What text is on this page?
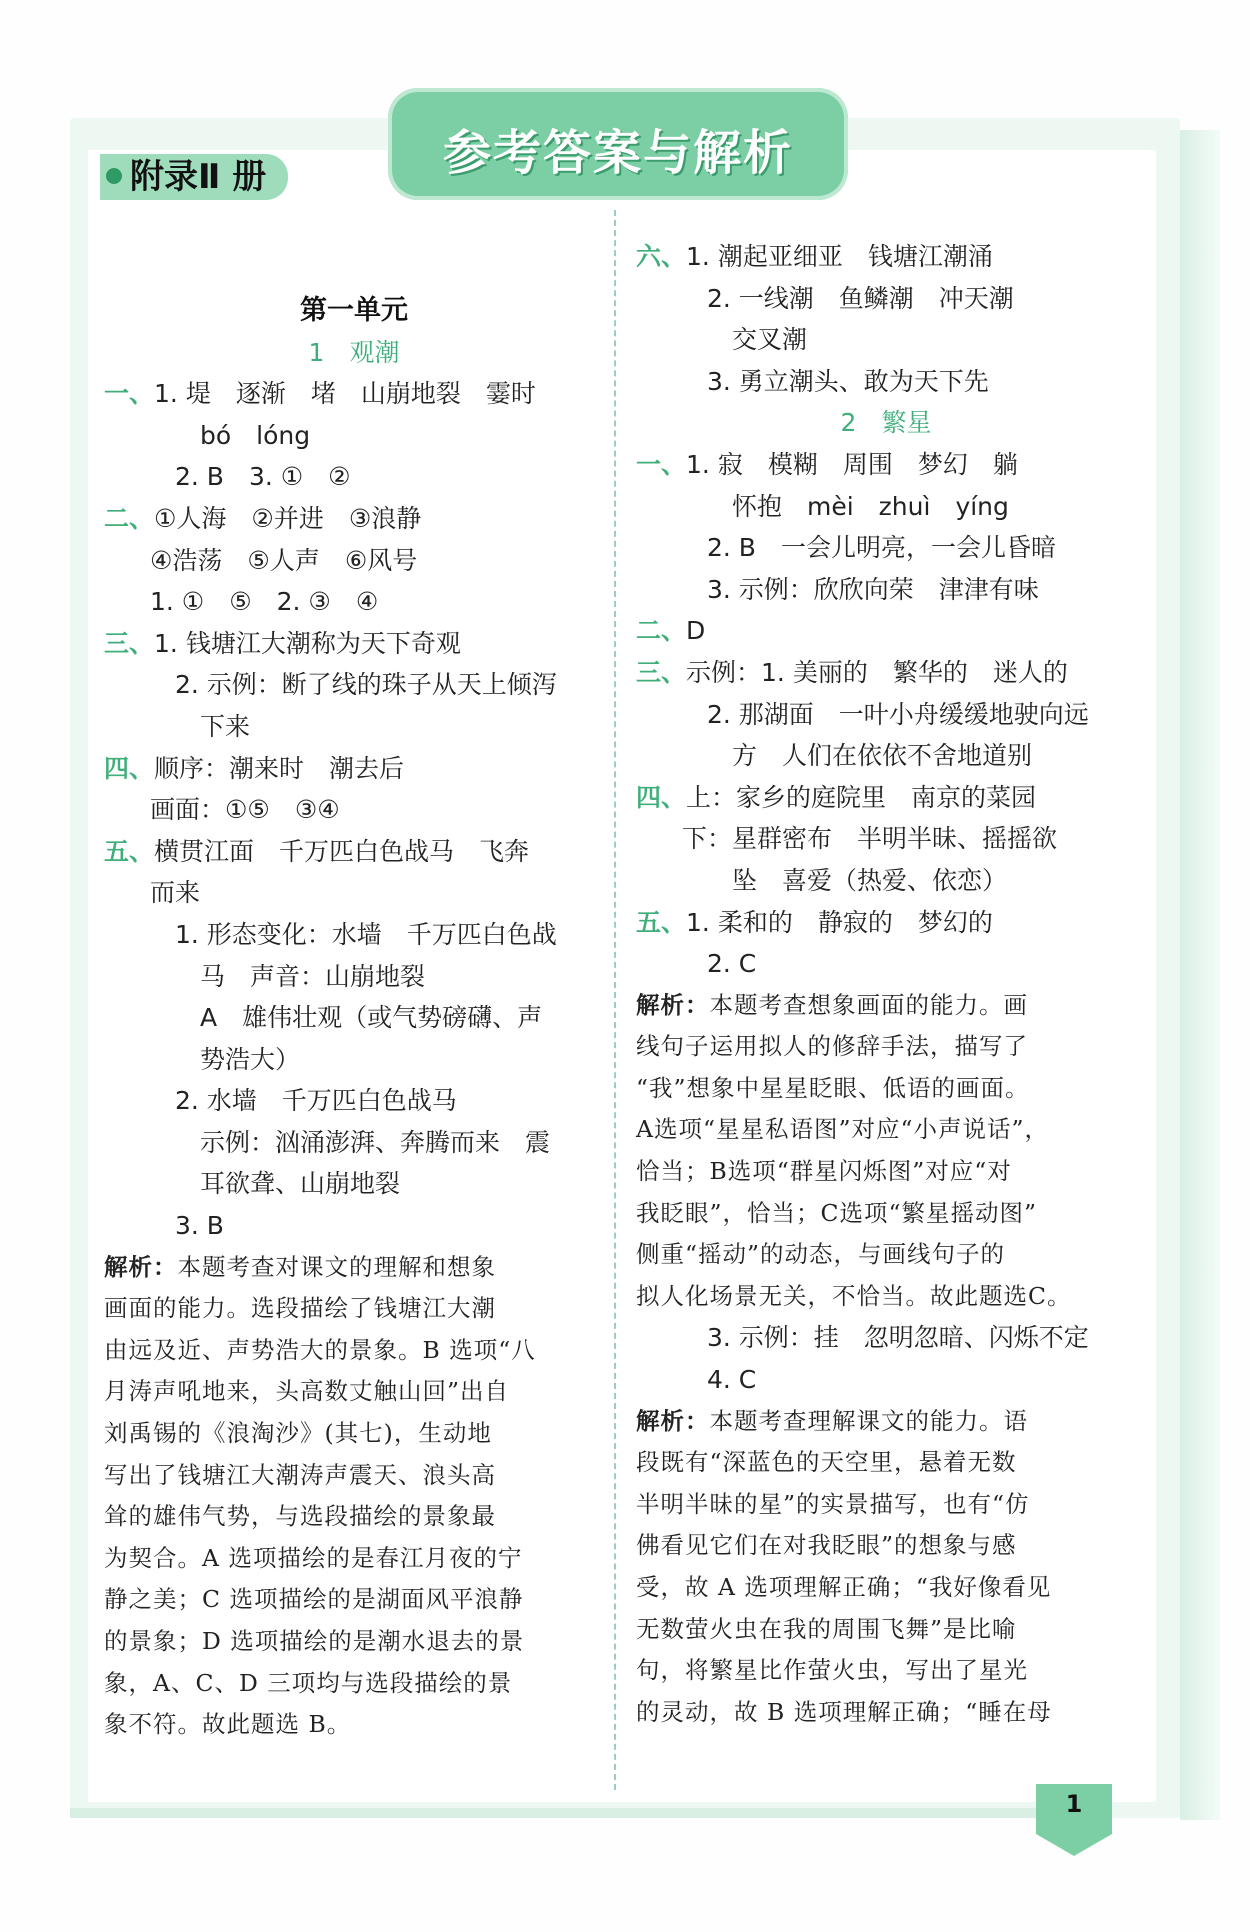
参考答案与解析
附录Ⅱ 册
第一单元
1　观潮
一、1. 堤　逐渐　堵　山崩地裂　霎时
　　bó　lóng
　2. B　3. ①　②
二、①人海　②并进　③浪静
④浩荡　⑤人声　⑥风号
1. ①　⑤　2. ③　④
三、1. 钱塘江大潮称为天下奇观
　2. 示例：断了线的珠子从天上倾泻
　　下来
四、顺序：潮来时　潮去后
画面：①⑤　③④
五、横贯江面　千万匹白色战马　飞奔
而来
　1. 形态变化：水墙　千万匹白色战
　　马　声音：山崩地裂
　　A　雄伟壮观（或气势磅礴、声
　　势浩大）
　2. 水墙　千万匹白色战马
　　示例：汹涌澎湃、奔腾而来　震
　　耳欲聋、山崩地裂
　3. B
解析：本题考查对课文的理解和想象
画面的能力。选段描绘了钱塘江大潮
由远及近、声势浩大的景象。B 选项“八
月涛声吼地来，头高数丈触山回”出自
刘禹锡的《浪淘沙》(其七)，生动地
写出了钱塘江大潮涛声震天、浪头高
耸的雄伟气势，与选段描绘的景象最
为契合。A 选项描绘的是春江月夜的宁
静之美；C 选项描绘的是湖面风平浪静
的景象；D 选项描绘的是潮水退去的景
象，A、C、D 三项均与选段描绘的景
象不符。故此题选 B。
六、1. 潮起亚细亚　钱塘江潮涌
　2. 一线潮　鱼鳞潮　冲天潮
　　交叉潮
　3. 勇立潮头、敢为天下先
2　繁星
一、1. 寂　模糊　周围　梦幻　躺
　　怀抱　mèi　zhuì　yíng
　2. B　一会儿明亮，一会儿昏暗
　3. 示例：欣欣向荣　津津有味
二、D
三、示例：1. 美丽的　繁华的　迷人的
　2. 那湖面　一叶小舟缓缓地驶向远
　　方　人们在依依不舍地道别
四、上：家乡的庭院里　南京的菜园
下：星群密布　半明半昧、摇摇欲
　　坠　喜爱（热爱、依恋）
五、1. 柔和的　静寂的　梦幻的
　2. C
解析：本题考查想象画面的能力。画
线句子运用拟人的修辞手法，描写了
“我”想象中星星眨眼、低语的画面。
A选项“星星私语图”对应“小声说话”，
恰当；B选项“群星闪烁图”对应“对
我眨眼”，恰当；C选项“繁星摇动图”
侧重“摇动”的动态，与画线句子的
拟人化场景无关，不恰当。故此题选C。
　3. 示例：挂　忽明忽暗、闪烁不定
　4. C
解析：本题考查理解课文的能力。语
段既有“深蓝色的天空里，悬着无数
半明半昧的星”的实景描写，也有“仿
佛看见它们在对我眨眼”的想象与感
受，故 A 选项理解正确；“我好像看见
无数萤火虫在我的周围飞舞”是比喻
句，将繁星比作萤火虫，写出了星光
的灵动，故 B 选项理解正确；“睡在母
1
